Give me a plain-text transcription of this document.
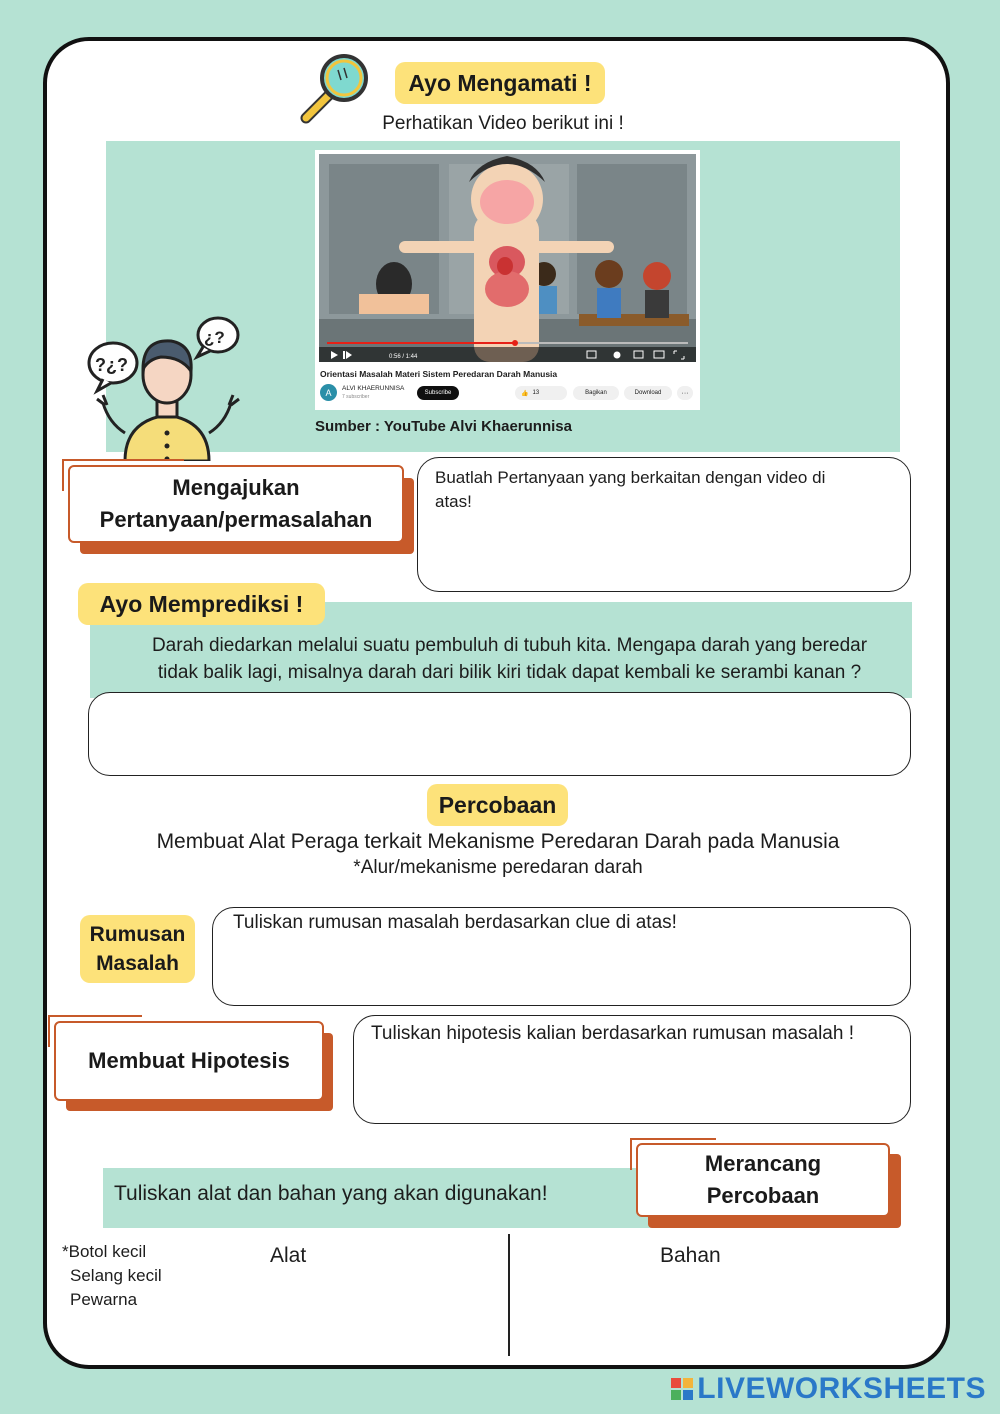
Ayo Mengamati !
Perhatikan Video berikut ini !
0:56 / 1:44
Orientasi Masalah Materi Sistem Peredaran Darah Manusia
A	ALVI KHAERUNNISA
7 subscriber
Subscribe	👍 13	Bagikan	Download	···
Sumber : YouTube Alvi Khaerunnisa
?¿?
¿?
Mengajukan Pertanyaan/permasalahan
Buatlah Pertanyaan yang berkaitan dengan video di atas!
Ayo Memprediksi !
Darah diedarkan melalui suatu pembuluh di tubuh kita. Mengapa darah yang beredar
tidak balik lagi, misalnya darah dari bilik kiri tidak dapat kembali ke serambi kanan ?
Percobaan
Membuat Alat Peraga terkait Mekanisme Peredaran Darah pada Manusia
*Alur/mekanisme peredaran darah
Rumusan
Masalah
Tuliskan rumusan masalah berdasarkan clue di atas!
Membuat Hipotesis
Tuliskan hipotesis kalian berdasarkan rumusan masalah !
Tuliskan alat dan bahan yang akan digunakan!
Merancang
Percobaan
*Botol kecil
Selang kecil
Pewarna
Alat	Bahan
LIVEWORKSHEETS
